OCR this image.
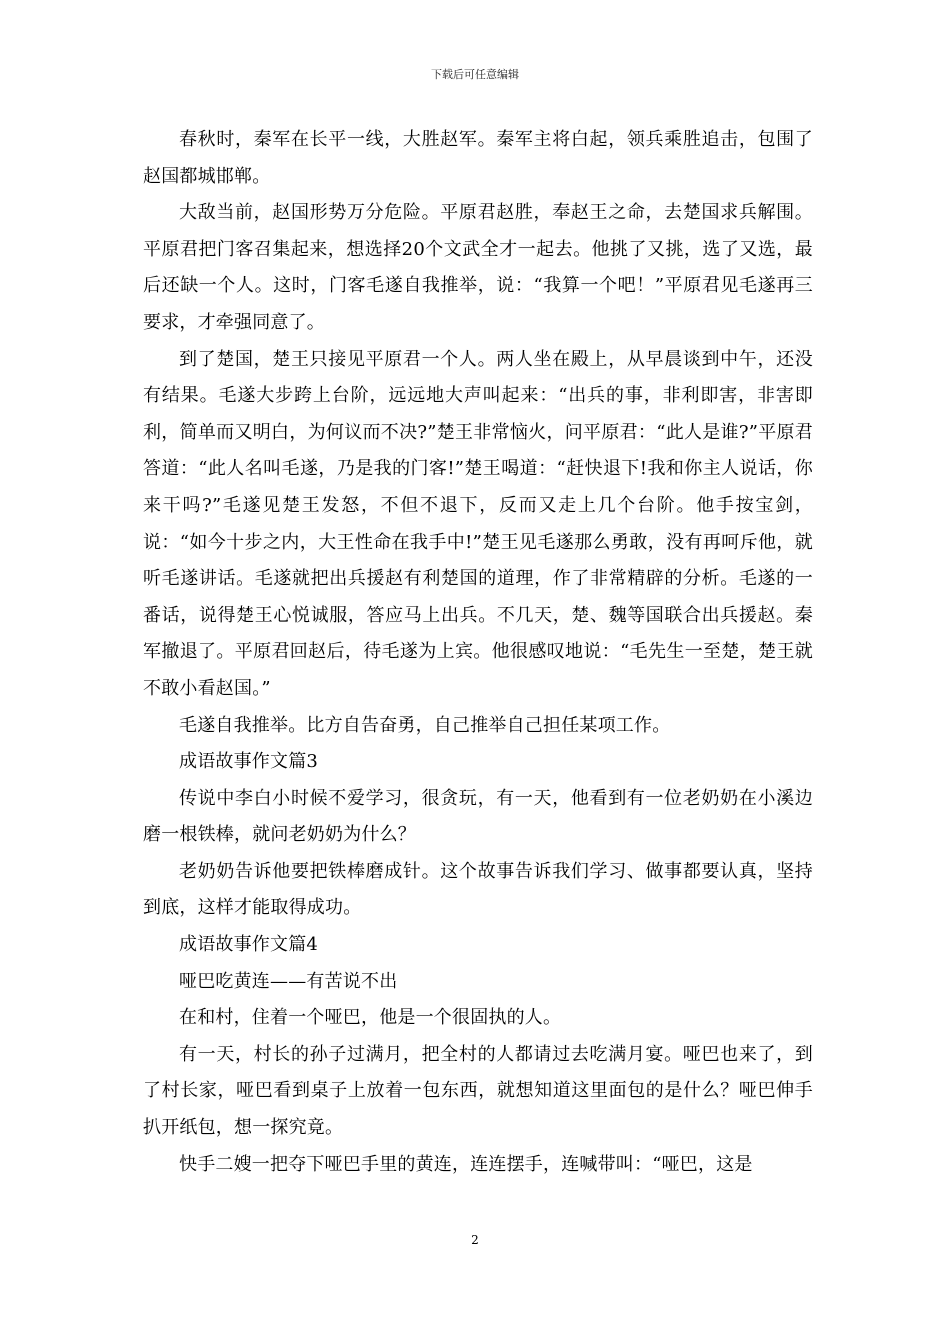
下载后可任意编辑

春秋时，秦军在长平一线，大胜赵军。秦军主将白起，领兵乘胜追击，包围了赵国都城邯郸。

大敌当前，赵国形势万分危险。平原君赵胜，奉赵王之命，去楚国求兵解围。平原君把门客召集起来，想选择20个文武全才一起去。他挑了又挑，选了又选，最后还缺一个人。这时，门客毛遂自我推举，说：“我算一个吧！”平原君见毛遂再三要求，才牵强同意了。

到了楚国，楚王只接见平原君一个人。两人坐在殿上，从早晨谈到中午，还没有结果。毛遂大步跨上台阶，远远地大声叫起来：“出兵的事，非利即害，非害即利，简单而又明白，为何议而不决?”楚王非常恼火，问平原君：“此人是谁?”平原君答道：“此人名叫毛遂，乃是我的门客!”楚王喝道：“赶快退下!我和你主人说话，你来干吗?”毛遂见楚王发怒，不但不退下，反而又走上几个台阶。他手按宝剑，说：“如今十步之内，大王性命在我手中!”楚王见毛遂那么勇敢，没有再呵斥他，就听毛遂讲话。毛遂就把出兵援赵有利楚国的道理，作了非常精辟的分析。毛遂的一番话，说得楚王心悦诚服，答应马上出兵。不几天，楚、魏等国联合出兵援赵。秦军撤退了。平原君回赵后，待毛遂为上宾。他很感叹地说：“毛先生一至楚，楚王就不敢小看赵国。”

毛遂自我推举。比方自告奋勇，自己推举自己担任某项工作。

成语故事作文篇3

传说中李白小时候不爱学习，很贪玩，有一天，他看到有一位老奶奶在小溪边磨一根铁棒，就问老奶奶为什么？

老奶奶告诉他要把铁棒磨成针。这个故事告诉我们学习、做事都要认真，坚持到底，这样才能取得成功。

成语故事作文篇4

哑巴吃黄连——有苦说不出

在和村，住着一个哑巴，他是一个很固执的人。

有一天，村长的孙子过满月，把全村的人都请过去吃满月宴。哑巴也来了，到了村长家，哑巴看到桌子上放着一包东西，就想知道这里面包的是什么？哑巴伸手扒开纸包，想一探究竟。

快手二嫂一把夺下哑巴手里的黄连，连连摆手，连喊带叫：“哑巴，这是

2
